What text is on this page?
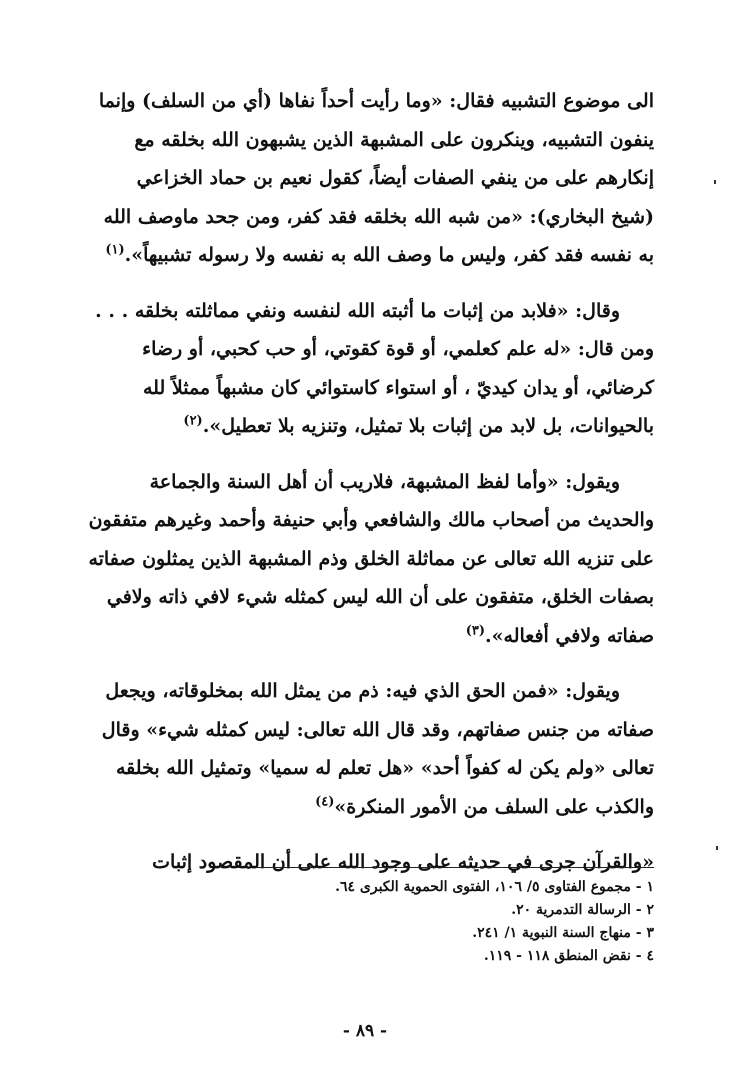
الى موضوع التشبيه فقال: «وما رأيت أحداً نفاها (أي من السلف) وإنما
ينفون التشبيه، وينكرون على المشبهة الذين يشبهون الله بخلقه مع
إنكارهم على من ينفي الصفات أيضاً، كقول نعيم بن حماد الخزاعي
(شيخ البخاري): «من شبه الله بخلقه فقد كفر، ومن جحد ماوصف الله
به نفسه فقد كفر، وليس ما وصف الله به نفسه ولا رسوله تشبيهاً».$^{(١)}$
وقال: «فلابد من إثبات ما أثبته الله لنفسه ونفي مماثلته بخلقه . . .
ومن قال: «له علم كعلمي، أو قوة كقوتي، أو حب كحبي، أو رضاء
كرضائي، أو يدان كيديّ ، أو استواء كاستوائي كان مشبهاً ممثلاً لله
بالحيوانات، بل لابد من إثبات بلا تمثيل، وتنزيه بلا تعطيل».$^{(٢)}$
ويقول: «وأما لفظ المشبهة، فلاريب أن أهل السنة والجماعة
والحديث من أصحاب مالك والشافعي وأبي حنيفة وأحمد وغيرهم متفقون
على تنزيه الله تعالى عن مماثلة الخلق وذم المشبهة الذين يمثلون صفاته
بصفات الخلق، متفقون على أن الله ليس كمثله شيء لافي ذاته ولافي
صفاته ولافي أفعاله».$^{(٣)}$
ويقول: «فمن الحق الذي فيه: ذم من يمثل الله بمخلوقاته، ويجعل
صفاته من جنس صفاتهم، وقد قال الله تعالى: ليس كمثله شيء» وقال
تعالى «ولم يكن له كفواً أحد» «هل تعلم له سميا» وتمثيل الله بخلقه
والكذب على السلف من الأمور المنكرة»$^{(٤)}$
«والقرآن جرى في حديثه على وجود الله على أن المقصود إثبات
١ - مجموع الفتاوى ٥/ ١٠٦، الفتوى الحموية الكبرى ٦٤.
٢ - الرسالة التدمرية ٢٠.
٣ - منهاج السنة النبوية ١/ ٢٤١.
٤ - نقض المنطق ١١٨ - ١١٩.
- ٨٩ -
